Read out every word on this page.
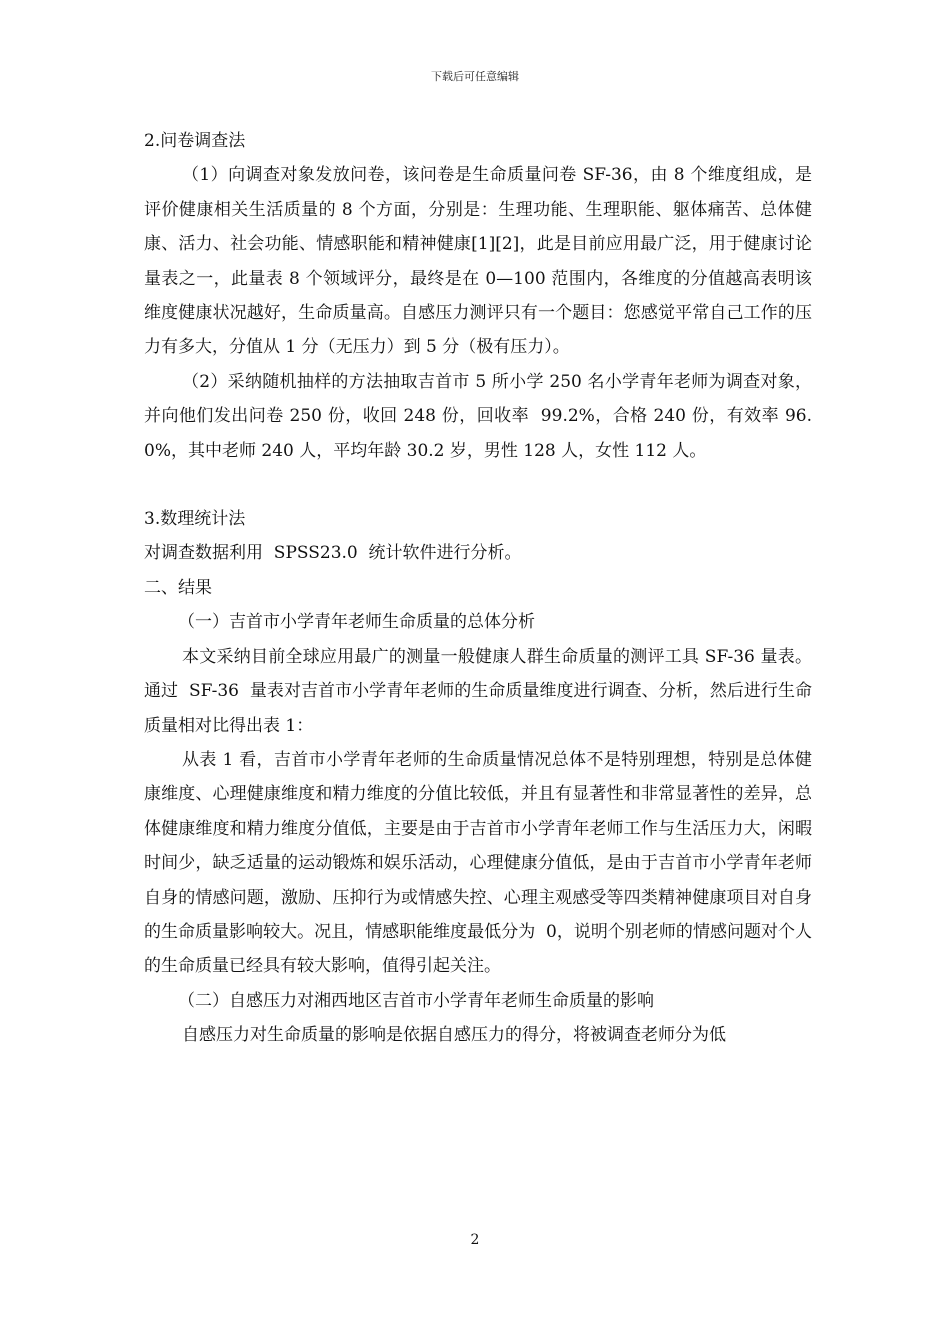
下载后可任意编辑

2.问卷调查法

（1）向调查对象发放问卷，该问卷是生命质量问卷 SF-36，由 8 个维度组成，是评价健康相关生活质量的 8 个方面，分别是：生理功能、生理职能、躯体痛苦、总体健康、活力、社会功能、情感职能和精神健康[1][2]，此是目前应用最广泛，用于健康讨论量表之一，此量表 8 个领域评分，最终是在 0—100 范围内，各维度的分值越高表明该维度健康状况越好，生命质量高。自感压力测评只有一个题目：您感觉平常自己工作的压力有多大，分值从 1 分（无压力）到 5 分（极有压力）。

（2）采纳随机抽样的方法抽取吉首市 5 所小学 250 名小学青年老师为调查对象，并向他们发出问卷 250 份，收回 248 份，回收率  99.2%，合格 240 份，有效率 96.0%，其中老师 240 人，平均年龄 30.2 岁，男性 128 人，女性 112 人。

3.数理统计法

对调查数据利用  SPSS23.0  统计软件进行分析。

二、结果

（一）吉首市小学青年老师生命质量的总体分析

本文采纳目前全球应用最广的测量一般健康人群生命质量的测评工具 SF-36 量表。通过  SF-36  量表对吉首市小学青年老师的生命质量维度进行调查、分析，然后进行生命质量相对比得出表 1：

从表 1 看，吉首市小学青年老师的生命质量情况总体不是特别理想，特别是总体健康维度、心理健康维度和精力维度的分值比较低，并且有显著性和非常显著性的差异，总体健康维度和精力维度分值低，主要是由于吉首市小学青年老师工作与生活压力大，闲暇时间少，缺乏适量的运动锻炼和娱乐活动，心理健康分值低，是由于吉首市小学青年老师自身的情感问题，激励、压抑行为或情感失控、心理主观感受等四类精神健康项目对自身的生命质量影响较大。况且，情感职能维度最低分为  0，说明个别老师的情感问题对个人的生命质量已经具有较大影响，值得引起关注。

（二）自感压力对湘西地区吉首市小学青年老师生命质量的影响

自感压力对生命质量的影响是依据自感压力的得分，将被调查老师分为低

2
